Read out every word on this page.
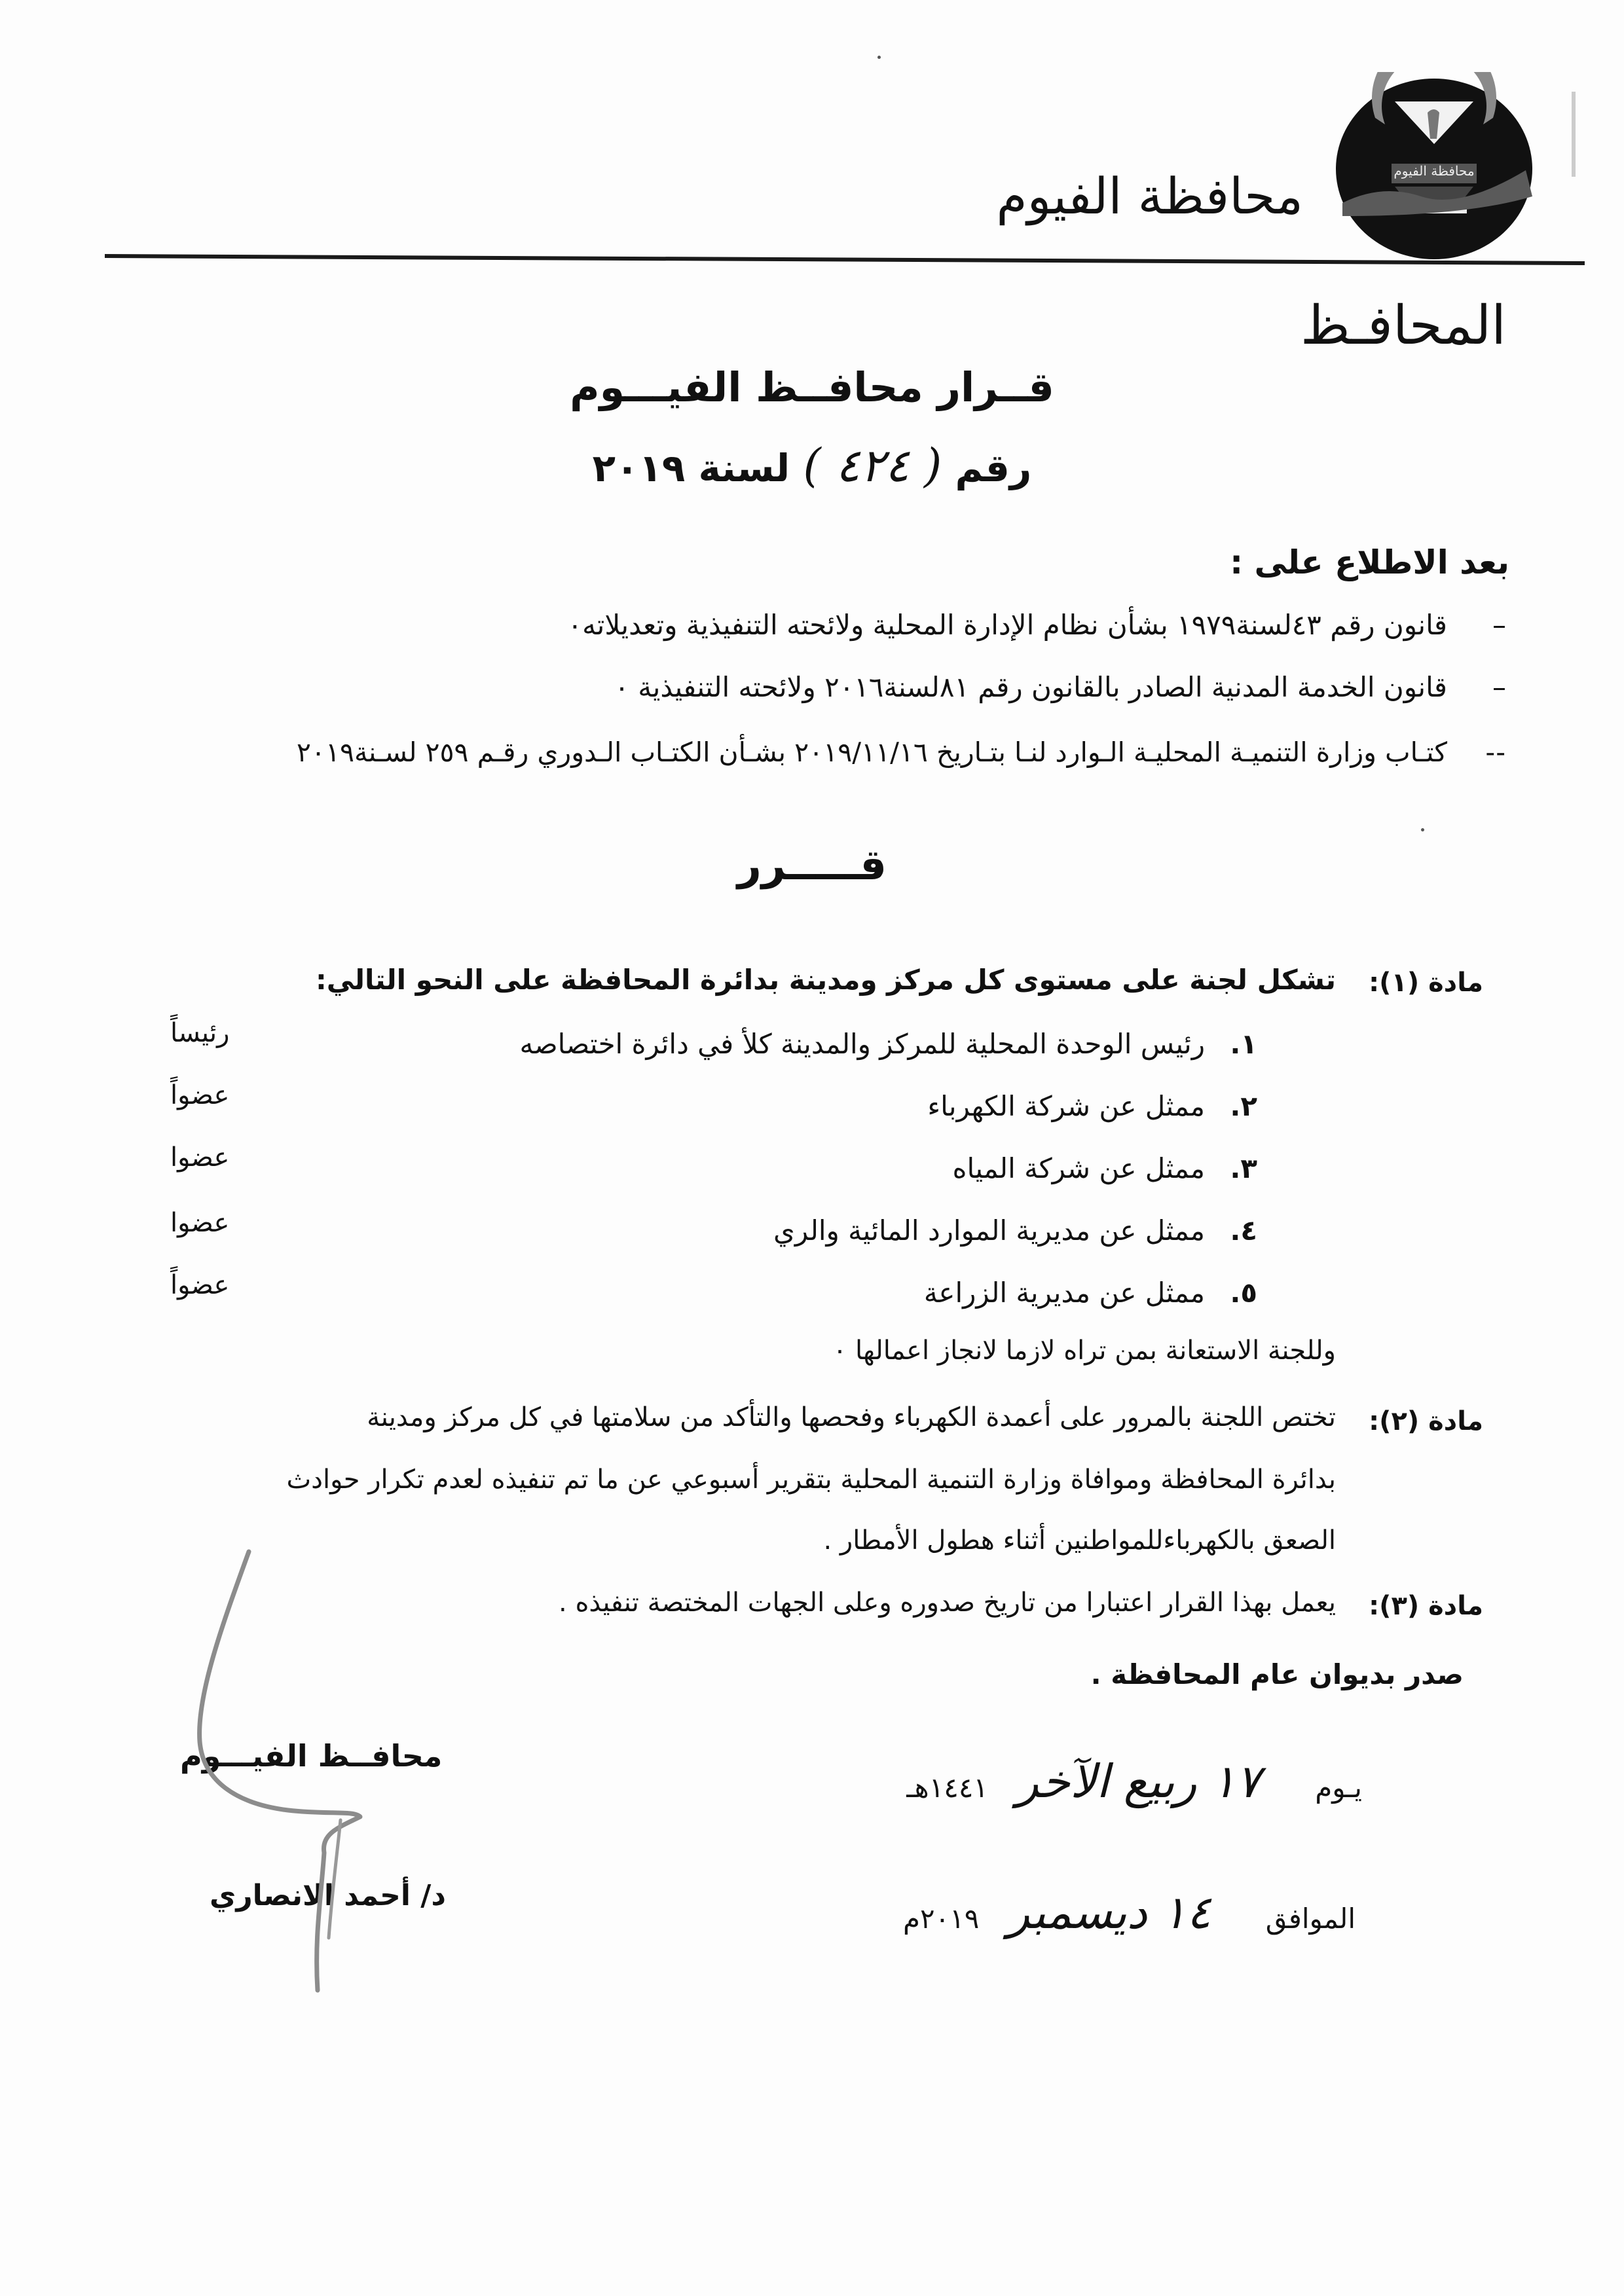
محافظة الفيوم
محافظة الفيوم
المحافـظ
قــرار محافــظ الفيـــوم
رقم ( ٤٢٤ ) لسنة ٢٠١٩
بعد الاطلاع على :
–قانون رقم ٤٣لسنة١٩٧٩ بشأن نظام الإدارة المحلية ولائحته التنفيذية وتعديلاته٠
–قانون الخدمة المدنية الصادر بالقانون رقم ٨١لسنة٢٠١٦ ولائحته التنفيذية ٠
--كتـاب وزارة التنميـة المحليـة الـوارد لنـا بتـاريخ ٢٠١٩/١١/١٦ بشـأن الكتـاب الـدوري رقـم ٢٥٩ لسـنة٢٠١٩
قـــــرر
مادة (١):
تشكل لجنة على مستوى كل مركز ومدينة بدائرة المحافظة على النحو التالي:
١.رئيس الوحدة المحلية للمركز والمدينة كلأ في دائرة اختصاصه
رئيساً
٢.ممثل عن شركة الكهرباء
عضواً
٣.ممثل عن شركة المياه
عضوا
٤.ممثل عن مديرية الموارد المائية والري
عضوا
٥.ممثل عن مديرية الزراعة
عضواً
وللجنة الاستعانة بمن تراه لازما لانجاز اعمالها ٠
مادة (٢):
تختص اللجنة بالمرور على أعمدة الكهرباء وفحصها والتأكد من سلامتها في كل مركز ومدينة
بدائرة المحافظة وموافاة وزارة التنمية المحلية بتقرير أسبوعي عن ما تم تنفيذه لعدم تكرار حوادث
الصعق بالكهرباءللمواطنين أثناء هطول الأمطار .
مادة (٣):
يعمل بهذا القرار اعتبارا من تاريخ صدوره وعلى الجهات المختصة تنفيذه .
صدر بديوان عام المحافظة .
يـوم ١٧ ربيع الآخر ١٤٤١هـ
الموافق ١٤ ديسمبر ٢٠١٩م
محافــظ الفيـــوم
د/ أحمد الانصاري
